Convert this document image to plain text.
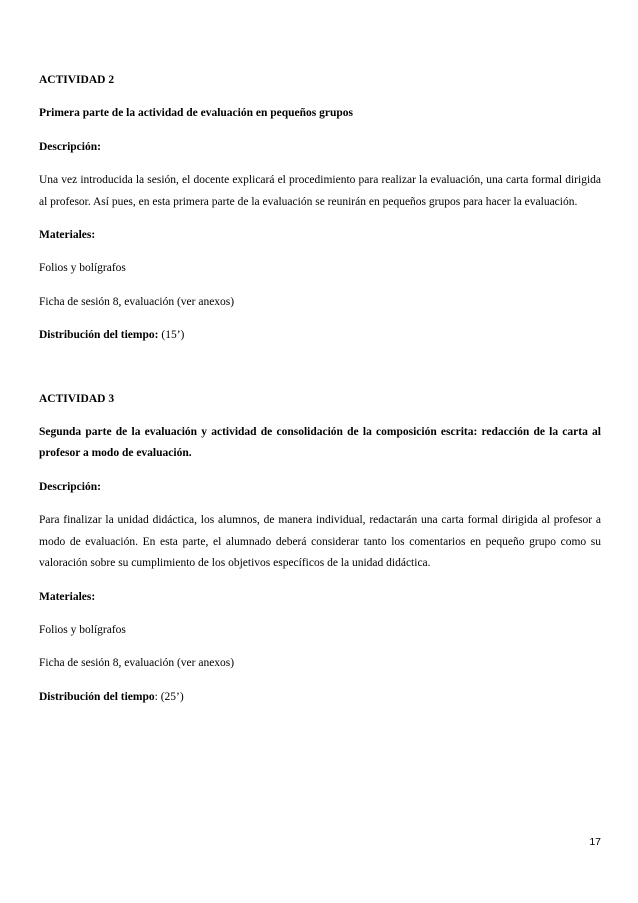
ACTIVIDAD 2

Primera parte de la actividad de evaluación en pequeños grupos

Descripción:

Una vez introducida la sesión, el docente explicará el procedimiento para realizar la evaluación, una carta formal dirigida al profesor. Así pues, en esta primera parte de la evaluación se reunirán en pequeños grupos para hacer la evaluación.

Materiales:

Folios y bolígrafos

Ficha de sesión 8, evaluación (ver anexos)

Distribución del tiempo: (15’)

ACTIVIDAD 3

Segunda parte de la evaluación y actividad de consolidación de la composición escrita: redacción de la carta al profesor a modo de evaluación.

Descripción:

Para finalizar la unidad didáctica, los alumnos, de manera individual, redactarán una carta formal dirigida al profesor a modo de evaluación. En esta parte, el alumnado deberá considerar tanto los comentarios en pequeño grupo como su valoración sobre su cumplimiento de los objetivos específicos de la unidad didáctica.

Materiales:

Folios y bolígrafos

Ficha de sesión 8, evaluación (ver anexos)

Distribución del tiempo: (25’)

17
